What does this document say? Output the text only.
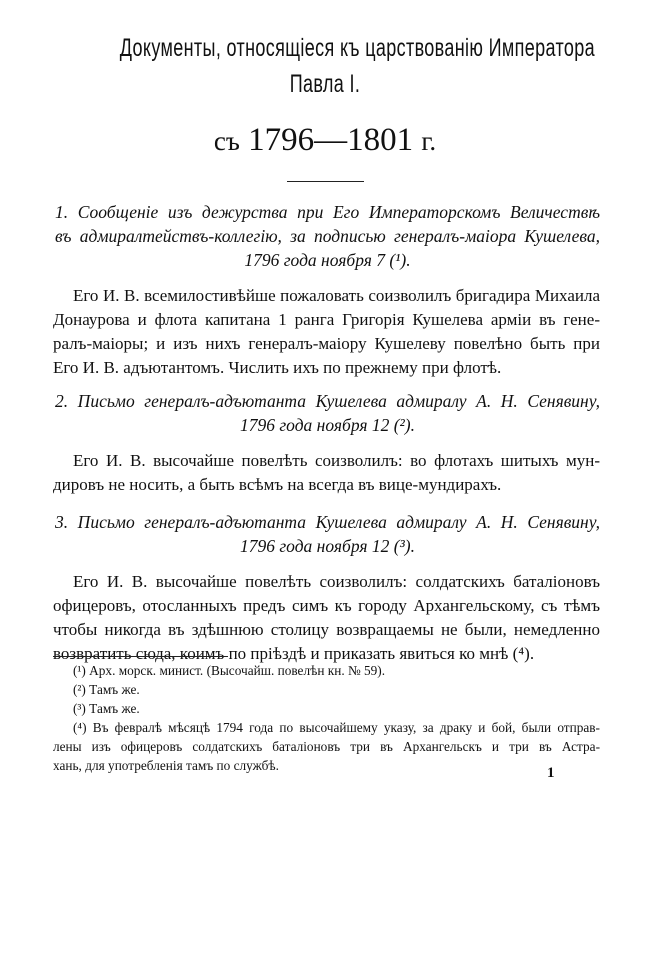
Документы, относящіеся къ царствованію Императора
Павла I.
съ 1796—1801 г.
1. Сообщеніе изъ дежурства при Его Императорскомъ Величествѣ
въ адмиралтействъ-коллегію, за подписью генералъ-маіора Кушелева,
1796 года ноября 7 (¹).
Его И. В. всемилостивѣйше пожаловать соизволилъ бригадира Михаила
Донаурова и флота капитана 1 ранга Григорія Кушелева арміи въ гене-
ралъ-маіоры; и изъ нихъ генералъ-маіору Кушелеву повелѣно быть при
Его И. В. адъютантомъ. Числить ихъ по прежнему при флотѣ.
2. Письмо генералъ-адъютанта Кушелева адмиралу А. Н. Сенявину,
1796 года ноября 12 (²).
Его И. В. высочайше повелѣть соизволилъ: во флотахъ шитыхъ мун-
дировъ не носить, а быть всѣмъ на всегда въ вице-мундирахъ.
3. Письмо генералъ-адъютанта Кушелева адмиралу А. Н. Сенявину,
1796 года ноября 12 (³).
Его И. В. высочайше повелѣть соизволилъ: солдатскихъ баталіоновъ
офицеровъ, отосланныхъ предъ симъ къ городу Архангельскому, съ тѣмъ
чтобы никогда въ здѣшнюю столицу возвращаемы не были, немедленно
возвратить сюда, коимъ по пріѣздѣ и приказать явиться ко мнѣ (⁴).
(¹) Арх. морск. минист. (Высочайш. повелѣн кн. № 59).
(²) Тамъ же.
(³) Тамъ же.
(⁴) Въ февралѣ мѣсяцѣ 1794 года по высочайшему указу, за драку и бой, были отправ-
лены изъ офицеровъ солдатскихъ баталіоновъ три въ Архангельскъ и три въ Астра-
хань, для употребленія тамъ по службѣ.	1
